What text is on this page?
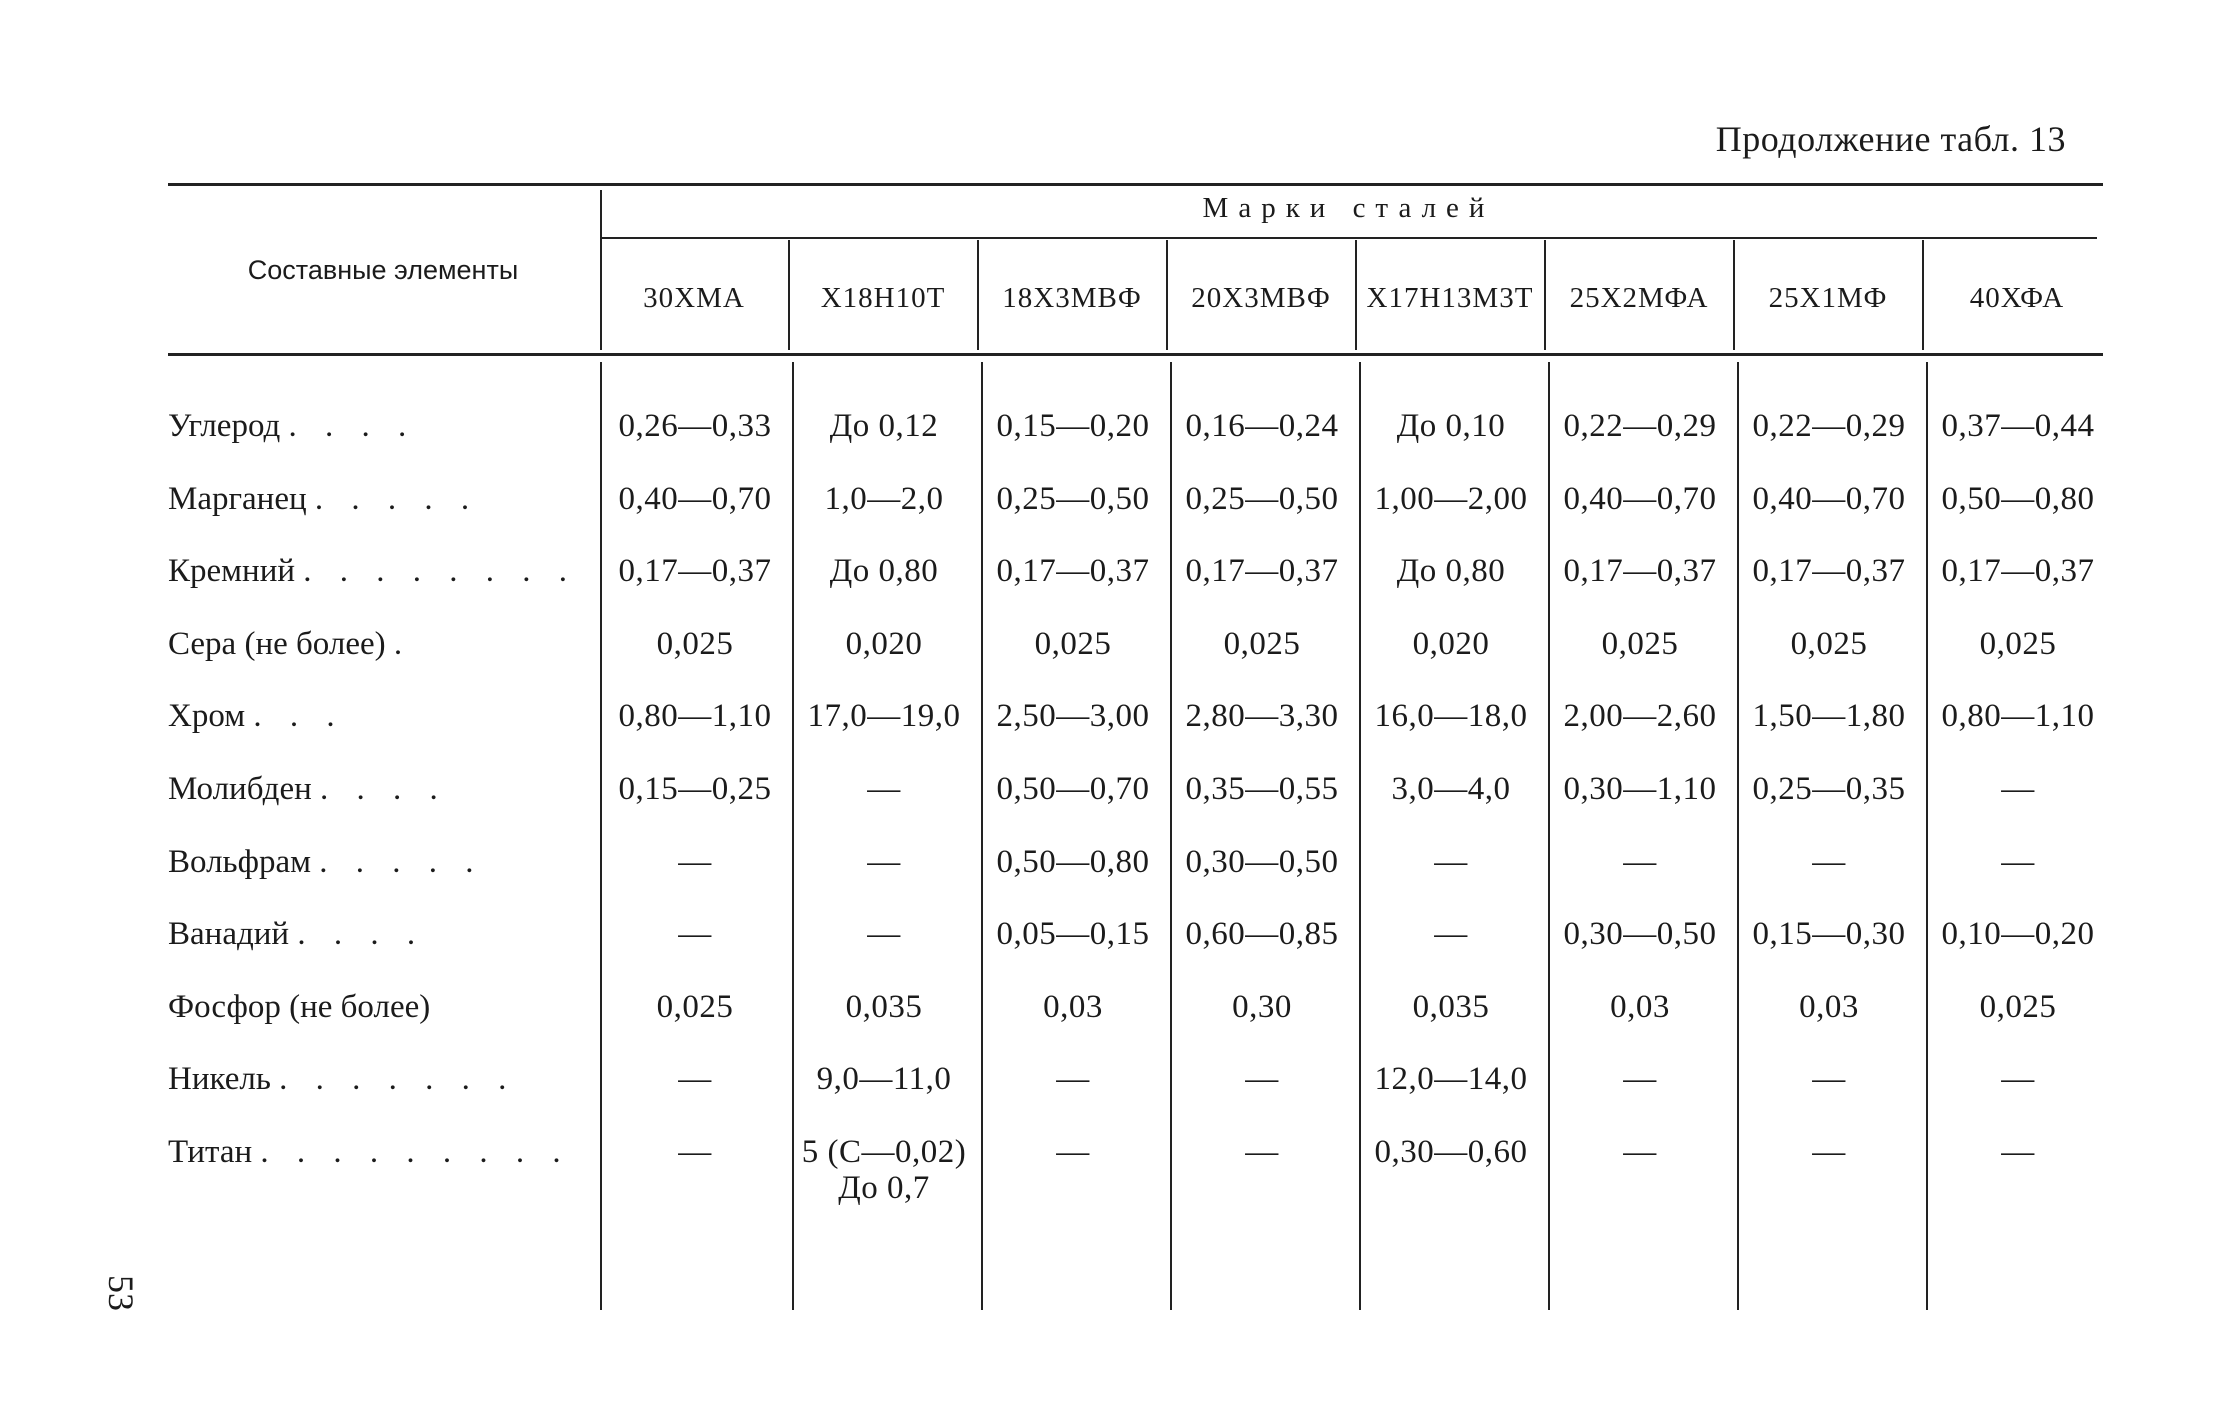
Продолжение табл. 13
Составные элементы
Марки сталей
30ХМА	Х18Н10Т	18Х3МВФ	20Х3МВФ	Х17Н13М3Т	25Х2МФА	25Х1МФ	40ХФА
Углерод . . . .	0,26—0,33	До 0,12	0,15—0,20	0,16—0,24	До 0,10	0,22—0,29	0,22—0,29	0,37—0,44
Марганец . . . . .	0,40—0,70	1,0—2,0	0,25—0,50	0,25—0,50	1,00—2,00	0,40—0,70	0,40—0,70	0,50—0,80
Кремний . . . . . . . .	0,17—0,37	До 0,80	0,17—0,37	0,17—0,37	До 0,80	0,17—0,37	0,17—0,37	0,17—0,37
Сера (не более) .	0,025	0,020	0,025	0,025	0,020	0,025	0,025	0,025
Хром . . .	0,80—1,10	17,0—19,0	2,50—3,00	2,80—3,30	16,0—18,0	2,00—2,60	1,50—1,80	0,80—1,10
Молибден . . . .	0,15—0,25	—	0,50—0,70	0,35—0,55	3,0—4,0	0,30—1,10	0,25—0,35	—
Вольфрам . . . . .	—	—	0,50—0,80	0,30—0,50	—	—	—	—
Ванадий . . . .	—	—	0,05—0,15	0,60—0,85	—	0,30—0,50	0,15—0,30	0,10—0,20
Фосфор (не более)	0,025	0,035	0,03	0,30	0,035	0,03	0,03	0,025
Никель . . . . . . .	—	9,0—11,0	—	—	12,0—14,0	—	—	—
Титан . . . . . . . . .	—	5 (С—0,02)	—	—	0,30—0,60	—	—	—
До 0,7
53
